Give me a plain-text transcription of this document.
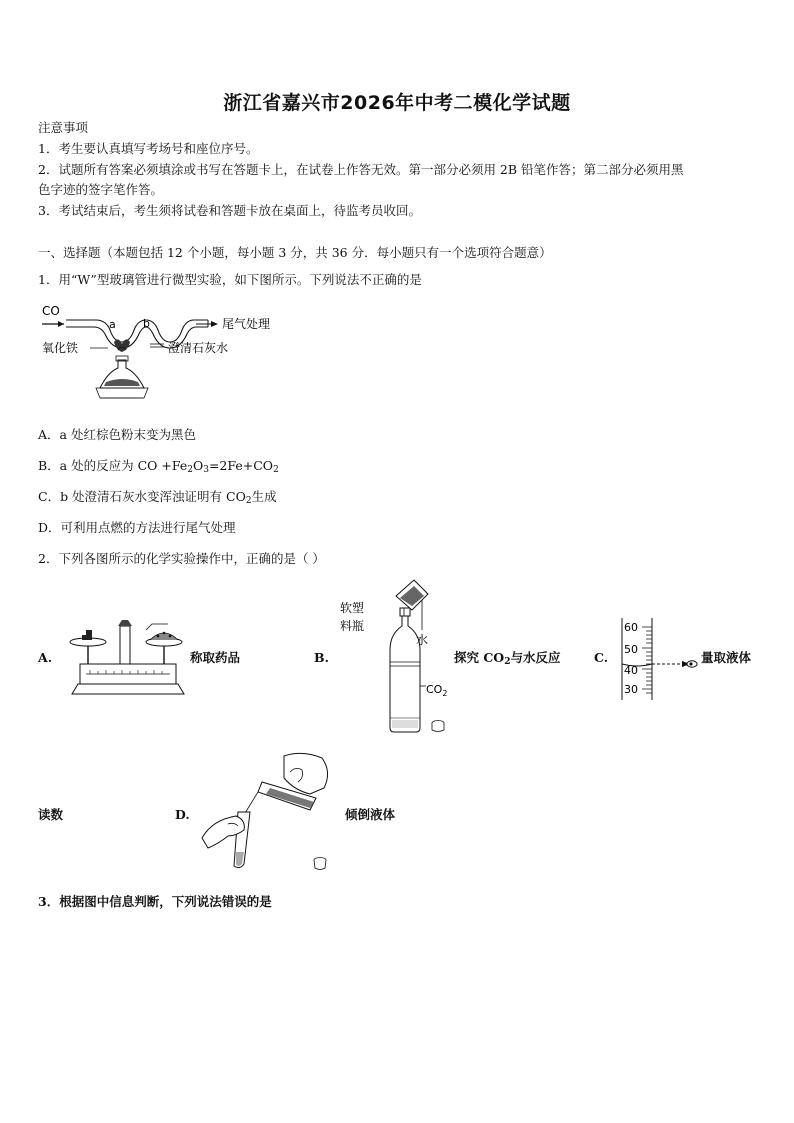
浙江省嘉兴市2026年中考二模化学试题
注意事项
1．考生要认真填写考场号和座位序号。
2．试题所有答案必须填涂或书写在答题卡上，在试卷上作答无效。第一部分必须用 2B 铅笔作答；第二部分必须用黑
色字迹的签字笔作答。
3．考试结束后，考生须将试卷和答题卡放在桌面上，待监考员收回。
一、选择题（本题包括 12 个小题，每小题 3 分，共 36 分．每小题只有一个选项符合题意）
1．用“W”型玻璃管进行微型实验，如下图所示。下列说法不正确的是
CO
a b	尾气处理
氧化铁	澄清石灰水
A．a 处红棕色粉末变为黑色
B．a 处的反应为 CO $+Fe_2O_3=2Fe+CO_2$
C．b 处澄清石灰水变浑浊证明有 $CO_2$生成
D．可利用点燃的方法进行尾气处理
2．下列各图所示的化学实验操作中，正确的是（ ）
A.	称取药品	B.
软塑
料瓶
水
$CO_2$
探究 $CO_2$与水反应	C.
60
50
40
30
量取液体
读数	D.	倾倒液体
3．根据图中信息判断，下列说法错误的是
